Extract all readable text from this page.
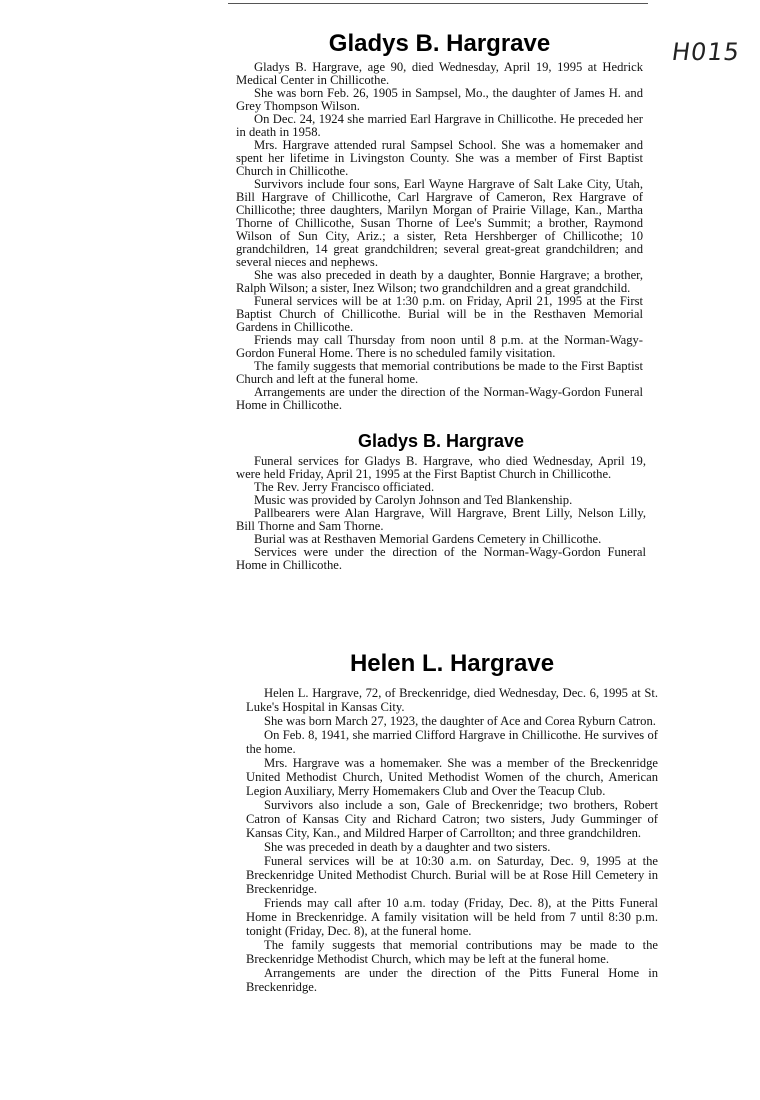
H015
Gladys B. Hargrave

Gladys B. Hargrave, age 90, died Wednesday, April 19, 1995 at Hedrick Medical Center in Chillicothe.

She was born Feb. 26, 1905 in Sampsel, Mo., the daughter of James H. and Grey Thompson Wilson.

On Dec. 24, 1924 she married Earl Hargrave in Chillicothe. He preceded her in death in 1958.

Mrs. Hargrave attended rural Sampsel School. She was a homemaker and spent her lifetime in Livingston County. She was a member of First Baptist Church in Chillicothe.

Survivors include four sons, Earl Wayne Hargrave of Salt Lake City, Utah, Bill Hargrave of Chillicothe, Carl Hargrave of Cameron, Rex Hargrave of Chillicothe; three daughters, Marilyn Morgan of Prairie Village, Kan., Martha Thorne of Chillicothe, Susan Thorne of Lee's Summit; a brother, Raymond Wilson of Sun City, Ariz.; a sister, Reta Hershberger of Chillicothe; 10 grandchildren, 14 great grandchildren; several great-great grandchildren; and several nieces and nephews.

She was also preceded in death by a daughter, Bonnie Hargrave; a brother, Ralph Wilson; a sister, Inez Wilson; two grandchildren and a great grandchild.

Funeral services will be at 1:30 p.m. on Friday, April 21, 1995 at the First Baptist Church of Chillicothe. Burial will be in the Resthaven Memorial Gardens in Chillicothe.

Friends may call Thursday from noon until 8 p.m. at the Norman-Wagy-Gordon Funeral Home. There is no scheduled family visitation.

The family suggests that memorial contributions be made to the First Baptist Church and left at the funeral home.

Arrangements are under the direction of the Norman-Wagy-Gordon Funeral Home in Chillicothe.

Gladys B. Hargrave

Funeral services for Gladys B. Hargrave, who died Wednesday, April 19, were held Friday, April 21, 1995 at the First Baptist Church in Chillicothe.

The Rev. Jerry Francisco officiated.

Music was provided by Carolyn Johnson and Ted Blankenship.

Pallbearers were Alan Hargrave, Will Hargrave, Brent Lilly, Nelson Lilly, Bill Thorne and Sam Thorne.

Burial was at Resthaven Memorial Gardens Cemetery in Chillicothe.

Services were under the direction of the Norman-Wagy-Gordon Funeral Home in Chillicothe.

Helen L. Hargrave

Helen L. Hargrave, 72, of Breckenridge, died Wednesday, Dec. 6, 1995 at St. Luke's Hospital in Kansas City.

She was born March 27, 1923, the daughter of Ace and Corea Ryburn Catron.

On Feb. 8, 1941, she married Clifford Hargrave in Chillicothe. He survives of the home.

Mrs. Hargrave was a homemaker. She was a member of the Breckenridge United Methodist Church, United Methodist Women of the church, American Legion Auxiliary, Merry Homemakers Club and Over the Teacup Club.

Survivors also include a son, Gale of Breckenridge; two brothers, Robert Catron of Kansas City and Richard Catron; two sisters, Judy Gumminger of Kansas City, Kan., and Mildred Harper of Carrollton; and three grandchildren.

She was preceded in death by a daughter and two sisters.

Funeral services will be at 10:30 a.m. on Saturday, Dec. 9, 1995 at the Breckenridge United Methodist Church. Burial will be at Rose Hill Cemetery in Breckenridge.

Friends may call after 10 a.m. today (Friday, Dec. 8), at the Pitts Funeral Home in Breckenridge. A family visitation will be held from 7 until 8:30 p.m. tonight (Friday, Dec. 8), at the funeral home.

The family suggests that memorial contributions may be made to the Breckenridge Methodist Church, which may be left at the funeral home.

Arrangements are under the direction of the Pitts Funeral Home in Breckenridge.
